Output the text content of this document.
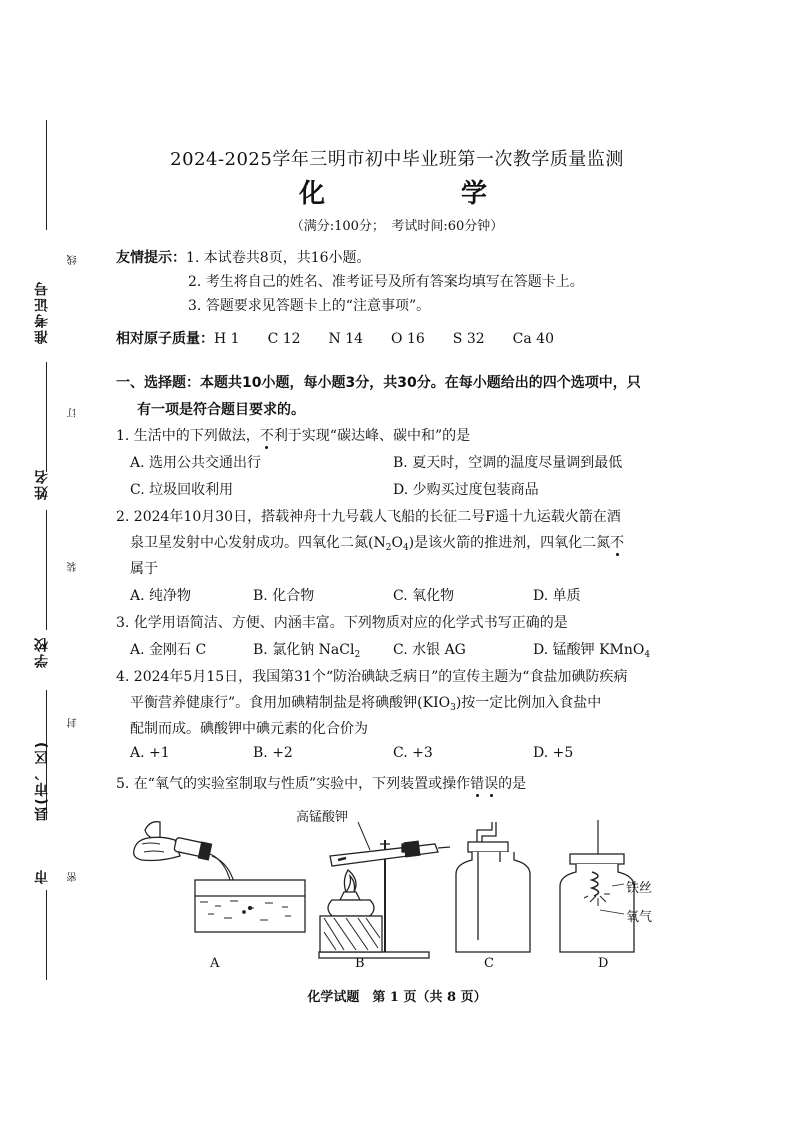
准考证号
姓名
学校
县(市、区)
市
线
订
装
封
密
2024-2025学年三明市初中毕业班第一次教学质量监测
化　　学
（满分:100分；　考试时间:60分钟）
友情提示：1. 本试卷共8页，共16小题。
2. 考生将自己的姓名、准考证号及所有答案均填写在答题卡上。
3. 答题要求见答题卡上的“注意事项”。
相对原子质量：H 1　　C 12　　N 14　　O 16　　S 32　　Ca 40
一、选择题：本题共10小题，每小题3分，共30分。在每小题给出的四个选项中，只
有一项是符合题目要求的。
1. 生活中的下列做法，不利于实现“碳达峰、碳中和”的是
A. 选用公共交通出行	B. 夏天时，空调的温度尽量调到最低
C. 垃圾回收利用	D. 少购买过度包装商品
2. 2024年10月30日，搭载神舟十九号载人飞船的长征二号F遥十九运载火箭在酒
泉卫星发射中心发射成功。四氧化二氮$(N_2O_4)$是该火箭的推进剂，四氧化二氮不
属于
A. 纯净物	B. 化合物	C. 氧化物	D. 单质
3. 化学用语简洁、方便、内涵丰富。下列物质对应的化学式书写正确的是
A. 金刚石 C	B. 氯化钠 NaCl$_2$ C. 水银 AG	D. 锰酸钾 KMnO$_4$
4. 2024年5月15日，我国第31个“防治碘缺乏病日”的宣传主题为“食盐加碘防疾病
平衡营养健康行”。食用加碘精制盐是将碘酸钾$(KIO_3)$按一定比例加入食盐中
配制而成。碘酸钾中碘元素的化合价为
A. +1	B. +2	C. +3	D. +5
5. 在“氧气的实验室制取与性质”实验中，下列装置或操作错误的是
高锰酸钾
铁丝
氧气
A	B	C	D
化学试题　第 1 页（共 8 页）
